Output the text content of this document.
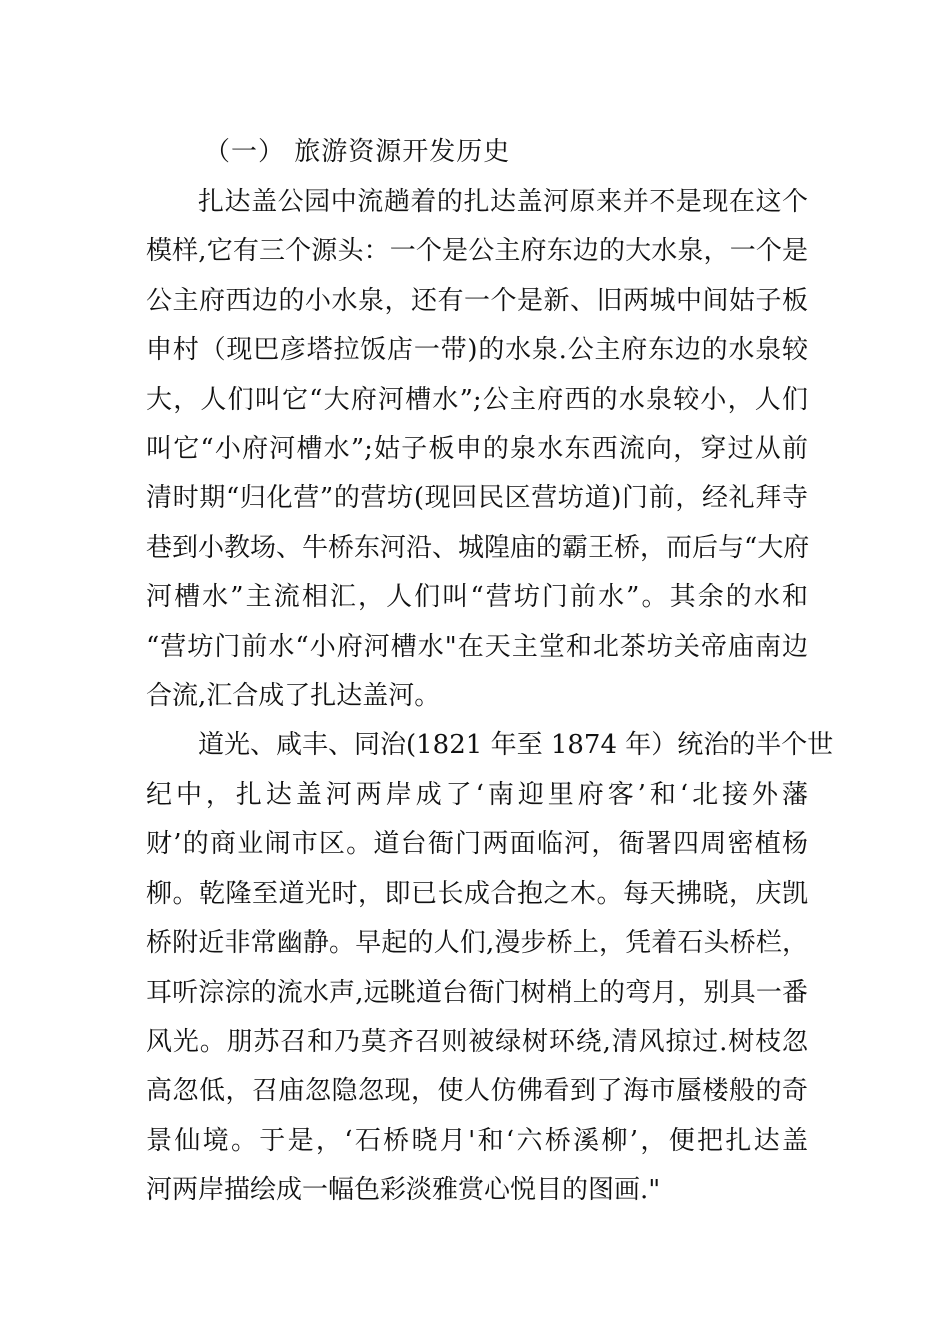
（一） 旅游资源开发历史
扎达盖公园中流趟着的扎达盖河原来并不是现在这个
模样,它有三个源头：一个是公主府东边的大水泉，一个是
公主府西边的小水泉，还有一个是新、旧两城中间姑子板
申村（现巴彦塔拉饭店一带)的水泉.公主府东边的水泉较
大，人们叫它“大府河槽水”;公主府西的水泉较小，人们
叫它“小府河槽水”;姑子板申的泉水东西流向，穿过从前
清时期“归化营”的营坊(现回民区营坊道)门前，经礼拜寺
巷到小教场、牛桥东河沿、城隍庙的霸王桥，而后与“大府
河槽水”主流相汇，人们叫“营坊门前水”。其余的水和
“营坊门前水“小府河槽水"在天主堂和北茶坊关帝庙南边
合流,汇合成了扎达盖河。
道光、咸丰、同治(1821 年至 1874 年）统治的半个世
纪中，扎达盖河两岸成了‘南迎里府客’和‘北接外藩
财’的商业闹市区。道台衙门两面临河，衙署四周密植杨
柳。乾隆至道光时，即已长成合抱之木。每天拂晓，庆凯
桥附近非常幽静。早起的人们,漫步桥上，凭着石头桥栏，
耳听淙淙的流水声,远眺道台衙门树梢上的弯月，别具一番
风光。朋苏召和乃莫齐召则被绿树环绕,清风掠过.树枝忽
高忽低，召庙忽隐忽现，使人仿佛看到了海市蜃楼般的奇
景仙境。于是，‘石桥晓月'和‘六桥溪柳’，便把扎达盖
河两岸描绘成一幅色彩淡雅赏心悦目的图画."
